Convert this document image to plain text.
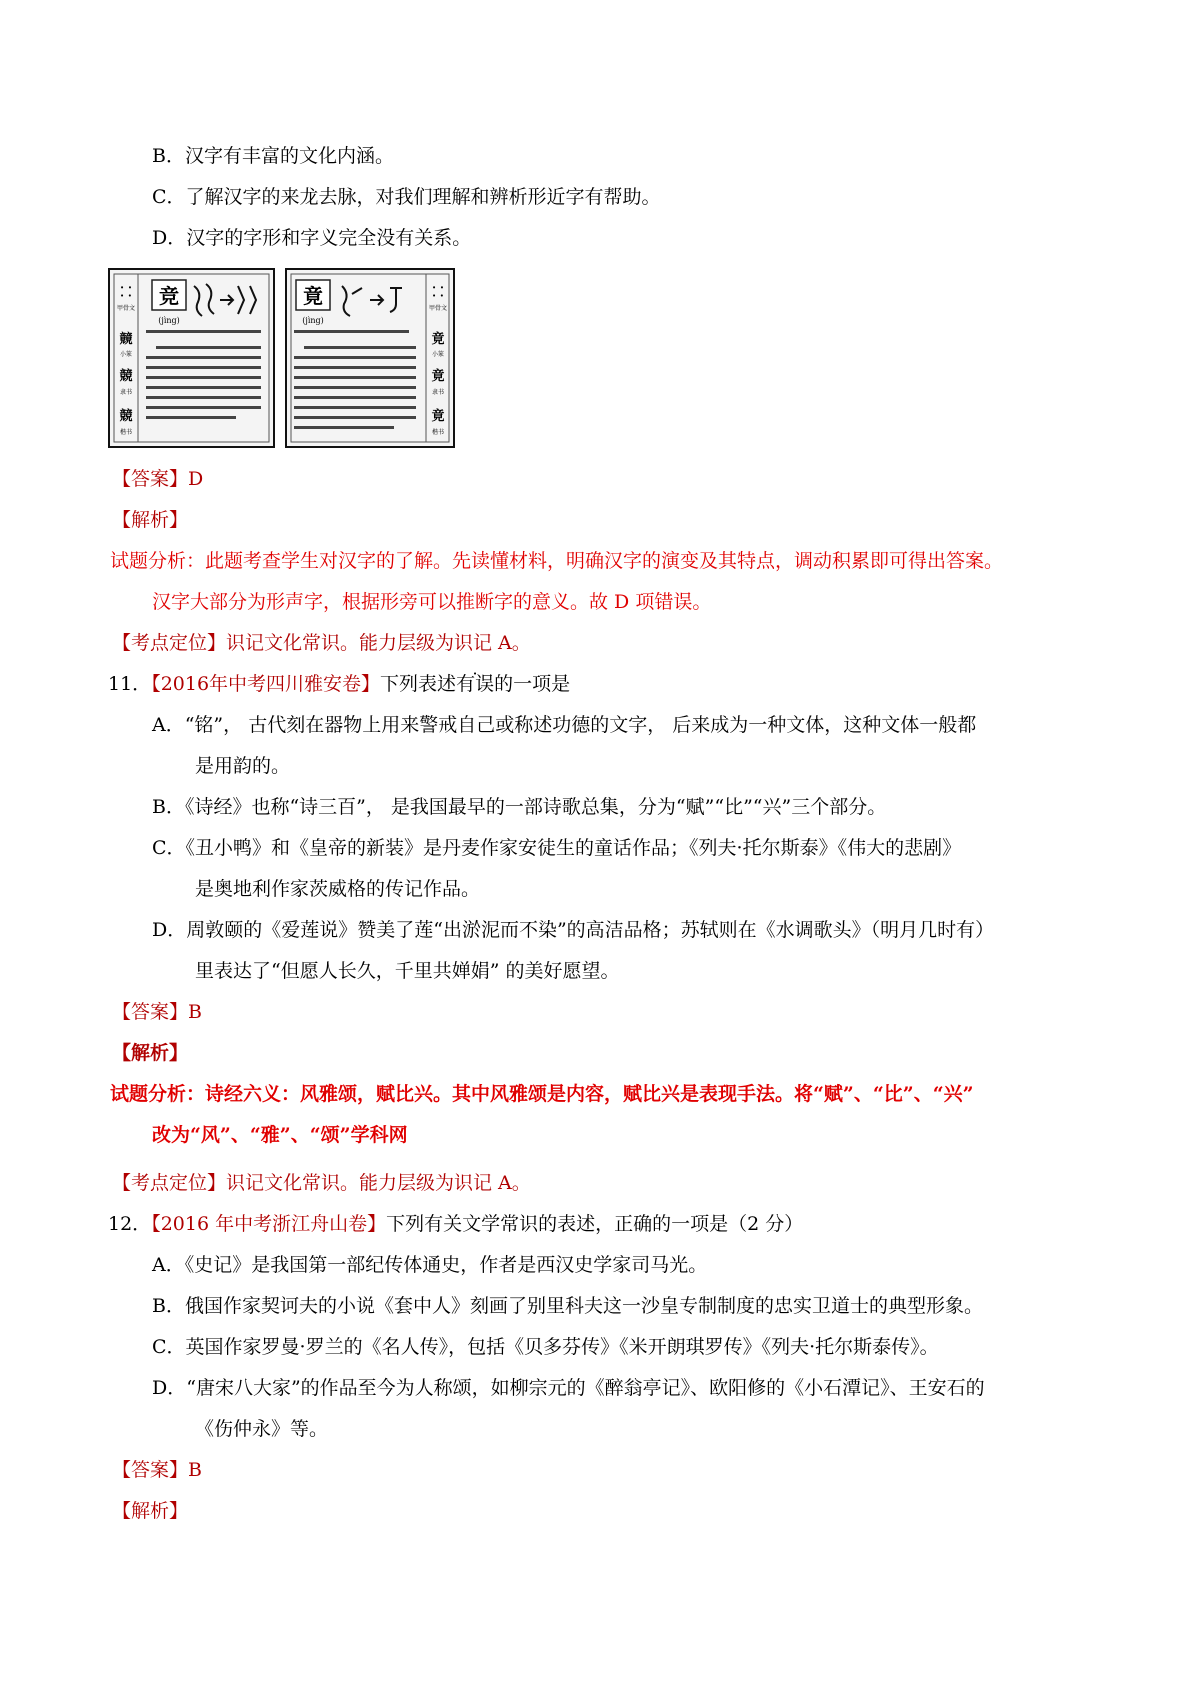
B．汉字有丰富的文化内涵。
C．了解汉字的来龙去脉，对我们理解和辨析形近字有帮助。
D．汉字的字形和字义完全没有关系。
竞
(jìng)
⸬
竸
競
競
甲骨文
小篆
隶书
楷书
竟
(jìng)
⸬
竟
竟
竟
甲骨文
小篆
隶书
楷书
【答案】D
【解析】
试题分析：此题考查学生对汉字的了解。先读懂材料，明确汉字的演变及其特点，调动积累即可得出答案。
汉字大部分为形声字，根据形旁可以推断字的意义。故 D 项错误。
【考点定位】识记文化常识。能力层级为识记 A。
11．【2016年中考四川雅安卷】下列表述有误的一项是
A．“铭”， 古代刻在器物上用来警戒自己或称述功德的文字， 后来成为一种文体，这种文体一般都
是用韵的。
B．《诗经》也称“诗三百”， 是我国最早的一部诗歌总集，分为“赋”“比”“兴”三个部分。
C．《丑小鸭》和《皇帝的新装》是丹麦作家安徒生的童话作品；《列夫·托尔斯泰》《伟大的悲剧》
是奥地利作家茨威格的传记作品。
D．周敦颐的《爱莲说》赞美了莲“出淤泥而不染”的高洁品格；苏轼则在《水调歌头》（明月几时有）
里表达了“但愿人长久，千里共婵娟” 的美好愿望。
【答案】B
【解析】
试题分析：诗经六义：风雅颂，赋比兴。其中风雅颂是内容，赋比兴是表现手法。将“赋”、“比”、“兴”
改为“风”、“雅”、“颂”学科网
【考点定位】识记文化常识。能力层级为识记 A。
12．【2016 年中考浙江舟山卷】下列有关文学常识的表述，正确的一项是（2 分）
A．《史记》是我国第一部纪传体通史，作者是西汉史学家司马光。
B．俄国作家契诃夫的小说《套中人》刻画了别里科夫这一沙皇专制制度的忠实卫道士的典型形象。
C．英国作家罗曼·罗兰的《名人传》，包括《贝多芬传》《米开朗琪罗传》《列夫·托尔斯泰传》。
D．“唐宋八大家”的作品至今为人称颂，如柳宗元的《醉翁亭记》、欧阳修的《小石潭记》、王安石的
《伤仲永》等。
【答案】B
【解析】
